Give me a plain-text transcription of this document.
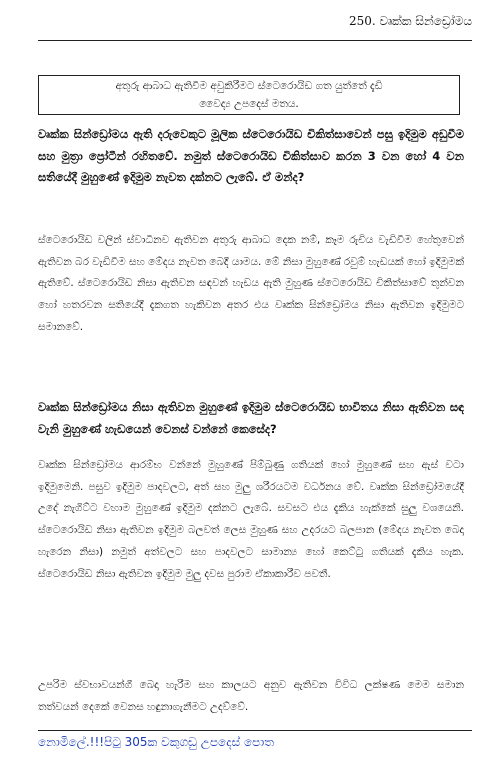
250. වෘක්ක සින්ඩ්‍රෝමය
අතුරු ආබාධ ඇතිවීම අවුකිරීමට ස්ටෙරොයිඩ ගත යුත්තේ දැඩි වෛද්‍ය උපදෙස් මතය.
වෘක්ක සින්ඩ්‍රෝමය ඇති දරුවෙකුට මූලික ස්ටෙරොයිඩ චිකිත්සාවෙන් පසු ඉදිමුම අඩුවීම සහ මුත්‍රා ප්‍රෝටීන් රහිතවේ. නමුත් ස්ටෙරොයිඩ චිකිත්සාව කරන 3 වන හෝ 4 වන සතියේදී මුහුණේ ඉදිමුම නැවත දක්නට ලැබේ. ඒ මන්ද?
ස්ටෙරොයිඩ වලින් ස්වාධීනව ඇතිවන අතුරු ආබාධ දෙක නම්, කෑම රුචිය වැඩිවීම හේතුවෙන් ඇතිවන බර වැඩිවීම සහ මේදය නැවත බෙදී යාමය. මේ නිසා මුහුණේ රවුම් හැඩයක් හෝ ඉදිමුමක් ඇතිවේ. ස්ටෙරොයිඩ නිසා ඇතිවන සඳවන් හැඩය ඇති මුහුණ ස්ටෙරොයිඩ චිකිත්සාවේ තුන්වන හෝ හතරවන සතියේදී දැකගත හැකිවන අතර එය වෘක්ක සින්ඩ්‍රෝමය නිසා ඇතිවන ඉදිමුමට සමානවේ.
වෘක්ක සින්ඩ්‍රෝමය නිසා ඇතිවන මුහුණේ ඉදිමුම ස්ටෙරොයිඩ භාවිතය නිසා ඇතිවන සඳ වැනි මුහුණේ හැඩයෙන් වෙනස් වන්නේ කෙසේද?
වෘක්ක සින්ඩ්‍රෝමය ආරම්භ වන්නේ මුහුණේ පිම්බුණු ගතියක් හෝ මුහුණේ සහ ඇස් වටා ඉදිමුමෙනි. පසුව ඉදිමුම පාදවලට, අත් සහ මුලු ශරීරයටම වර්ධනය වේ. වෘක්ක සින්ඩ්‍රෝමයේදී උදේ නැගිට්ට වහාම මුහුණේ ඉදිමුම දක්නට ලැබේ. සවසට එය දැකිය හැක්කේ සුලු වශයෙනි. ස්ටෙරොයිඩ නිසා ඇතිවන ඉදිමුම බලවත් ලෙස මුහුණ සහ උදරයට බලපාන (මේදය නැවත බෙදා හැරෙන නිසා) නමුත් අත්වලට සහ පාදවලට සාමාන්‍ය හෝ කෙට්ටු ගතියක් දැකිය හැක. ස්ටෙරොයිඩ නිසා ඇතිවන ඉදිමුම මුලු දවස පුරාම ඒකාකාරීව පවතී.
උපරිම ස්වභාවයන්ගී බෙදා හැරීම සහ කාලයට අනුව ඇතිවන විවිධ ලක්ෂණ මෙම සමාන තත්වයන් දෙකේ වෙනස හඳුනාගැනීමට උදව්වේ.
නොමිලේ.!!!පිටු 305ක වකුගඩු උපදෙස් පොත
